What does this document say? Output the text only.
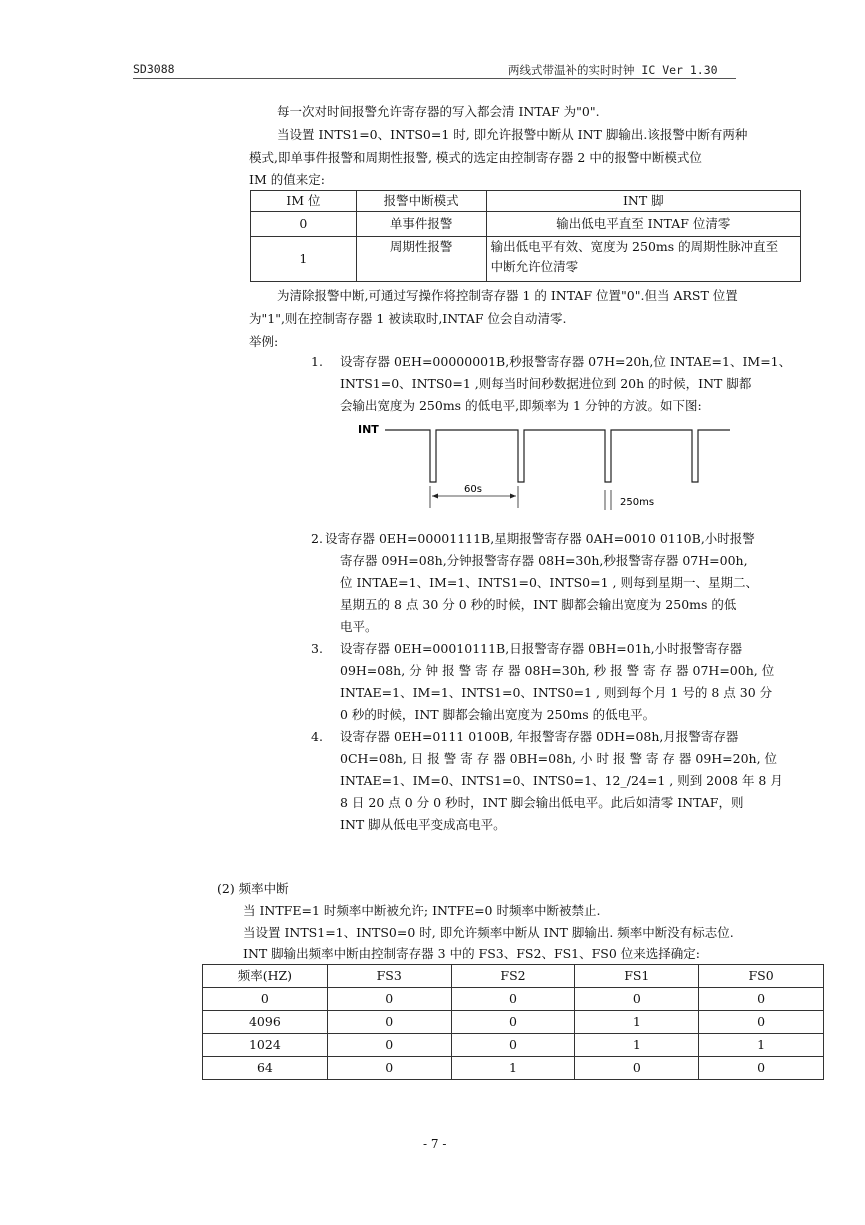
SD3088	两线式带温补的实时时钟 IC Ver 1.30
每一次对时间报警允许寄存器的写入都会清 INTAF 为"0".
当设置 INTS1=0、INTS0=1 时, 即允许报警中断从 INT 脚输出.该报警中断有两种
模式,即单事件报警和周期性报警, 模式的选定由控制寄存器 2 中的报警中断模式位
IM 的值来定:
IM 位	报警中断模式	INT 脚
0	单事件报警	输出低电平直至 INTAF 位清零
1	周期性报警	输出低电平有效、宽度为 250ms 的周期性脉冲直至
中断允许位清零
为清除报警中断,可通过写操作将控制寄存器 1 的 INTAF 位置"0".但当 ARST 位置
为"1",则在控制寄存器 1 被读取时,INTAF 位会自动清零.
举例:
1. 设寄存器 0EH=00000001B,秒报警寄存器 07H=20h,位 INTAE=1、IM=1、
INTS1=0、INTS0=1 ,则每当时间秒数据进位到 20h 的时候，INT 脚都
会输出宽度为 250ms 的低电平,即频率为 1 分钟的方波。如下图:
INT
60s
250ms
2. 设寄存器 0EH=00001111B,星期报警寄存器 0AH=0010 0110B,小时报警
寄存器 09H=08h,分钟报警寄存器 08H=30h,秒报警寄存器 07H=00h,
位 INTAE=1、IM=1、INTS1=0、INTS0=1 , 则每到星期一、星期二、
星期五的 8 点 30 分 0 秒的时候，INT 脚都会输出宽度为 250ms 的低
电平。
3. 设寄存器 0EH=00010111B,日报警寄存器 0BH=01h,小时报警寄存器
09H=08h, 分 钟 报 警 寄 存 器 08H=30h, 秒 报 警 寄 存 器 07H=00h, 位
INTAE=1、IM=1、INTS1=0、INTS0=1 , 则到每个月 1 号的 8 点 30 分
0 秒的时候，INT 脚都会输出宽度为 250ms 的低电平。
4. 设寄存器 0EH=0111 0100B, 年报警寄存器 0DH=08h,月报警寄存器
0CH=08h, 日 报 警 寄 存 器 0BH=08h, 小 时 报 警 寄 存 器 09H=20h, 位
INTAE=1、IM=0、INTS1=0、INTS0=1、12_/24=1 , 则到 2008 年 8 月
8 日 20 点 0 分 0 秒时，INT 脚会输出低电平。此后如清零 INTAF，则
INT 脚从低电平变成高电平。
(2) 频率中断
当 INTFE=1 时频率中断被允许; INTFE=0 时频率中断被禁止.
当设置 INTS1=1、INTS0=0 时, 即允许频率中断从 INT 脚输出. 频率中断没有标志位.
INT 脚输出频率中断由控制寄存器 3 中的 FS3、FS2、FS1、FS0 位来选择确定:
频率(HZ)	FS3	FS2	FS1	FS0
0	0	0	0	0
4096	0	0	1	0
1024	0	0	1	1
64	0	1	0	0
- 7 -
